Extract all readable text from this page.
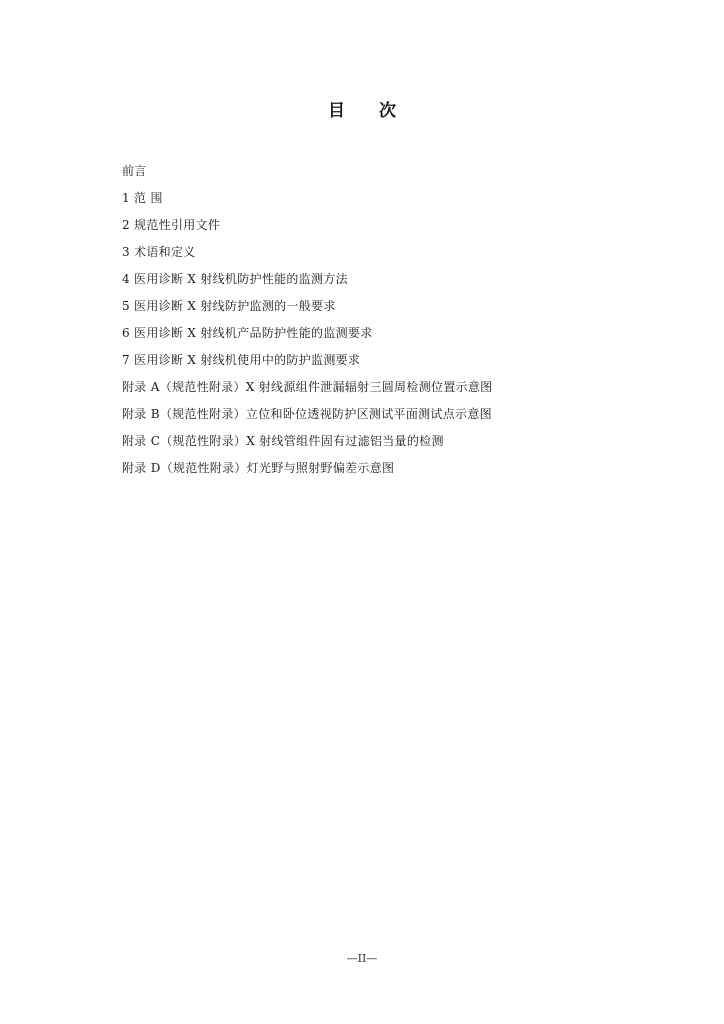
目 次
前言
1 范 围
2 规范性引用文件
3 术语和定义
4 医用诊断 X 射线机防护性能的监测方法
5 医用诊断 X 射线防护监测的一般要求
6 医用诊断 X 射线机产品防护性能的监测要求
7 医用诊断 X 射线机使用中的防护监测要求
附录 A（规范性附录）X 射线源组件泄漏辐射三圆周检测位置示意图
附录 B（规范性附录）立位和卧位透视防护区测试平面测试点示意图
附录 C（规范性附录）X 射线管组件固有过滤铝当量的检测
附录 D（规范性附录）灯光野与照射野偏差示意图
—II—
